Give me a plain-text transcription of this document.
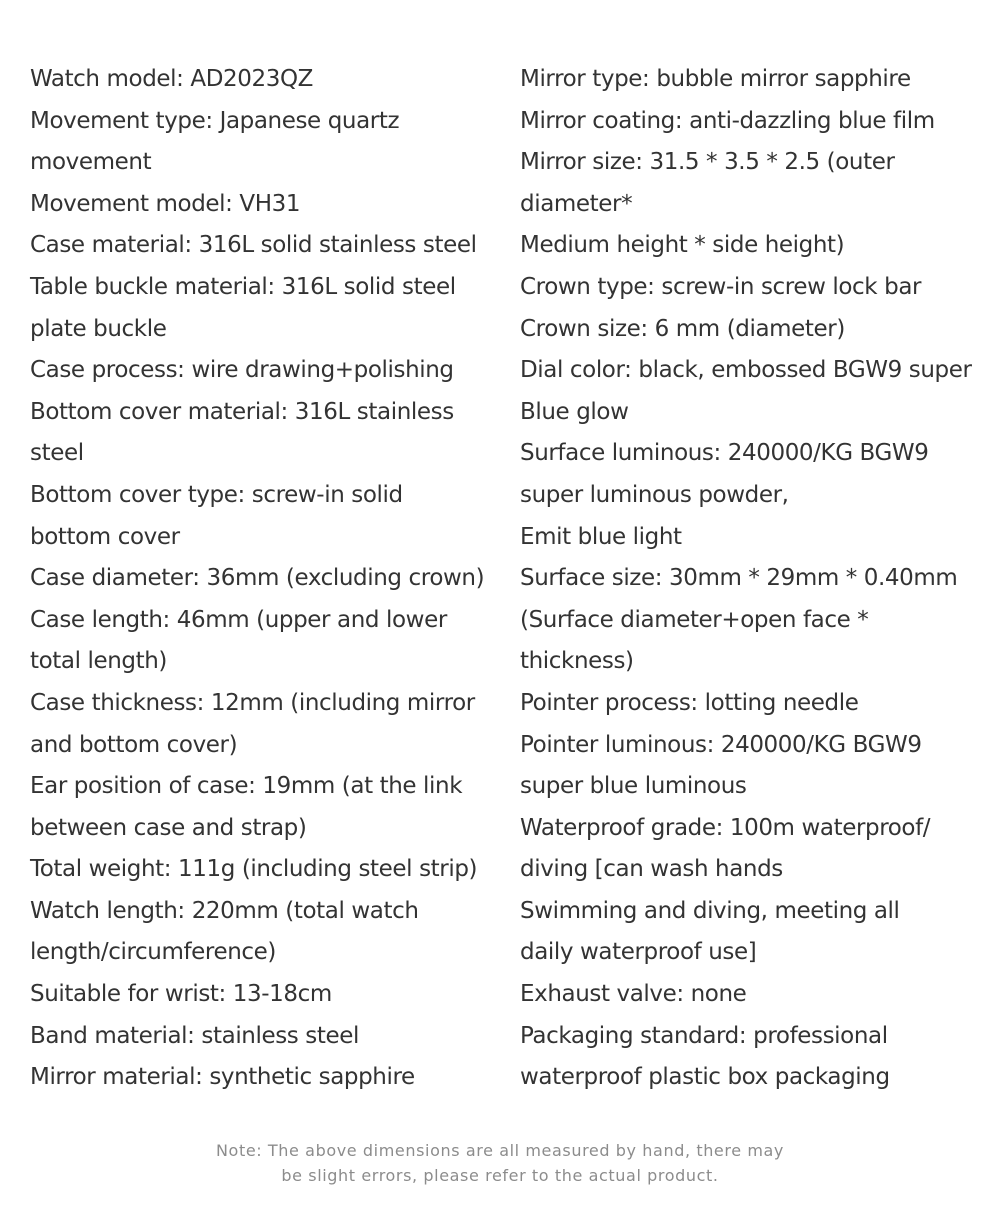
Watch model: AD2023QZ
Movement type: Japanese quartz
movement
Movement model: VH31
Case material: 316L solid stainless steel
Table buckle material: 316L solid steel
plate buckle
Case process: wire drawing+polishing
Bottom cover material: 316L stainless
steel
Bottom cover type: screw-in solid
bottom cover
Case diameter: 36mm (excluding crown)
Case length: 46mm (upper and lower
total length)
Case thickness: 12mm (including mirror
and bottom cover)
Ear position of case: 19mm (at the link
between case and strap)
Total weight: 111g (including steel strip)
Watch length: 220mm (total watch
length/circumference)
Suitable for wrist: 13-18cm
Band material: stainless steel
Mirror material: synthetic sapphire
Mirror type: bubble mirror sapphire
Mirror coating: anti-dazzling blue film
Mirror size: 31.5 * 3.5 * 2.5 (outer
diameter*
Medium height * side height)
Crown type: screw-in screw lock bar
Crown size: 6 mm (diameter)
Dial color: black, embossed BGW9 super
Blue glow
Surface luminous: 240000/KG BGW9
super luminous powder,
Emit blue light
Surface size: 30mm * 29mm * 0.40mm
(Surface diameter+open face *
thickness)
Pointer process: lotting needle
Pointer luminous: 240000/KG BGW9
super blue luminous
Waterproof grade: 100m waterproof/
diving [can wash hands
Swimming and diving, meeting all
daily waterproof use]
Exhaust valve: none
Packaging standard: professional
waterproof plastic box packaging
Note: The above dimensions are all measured by hand, there may
be slight errors, please refer to the actual product.
